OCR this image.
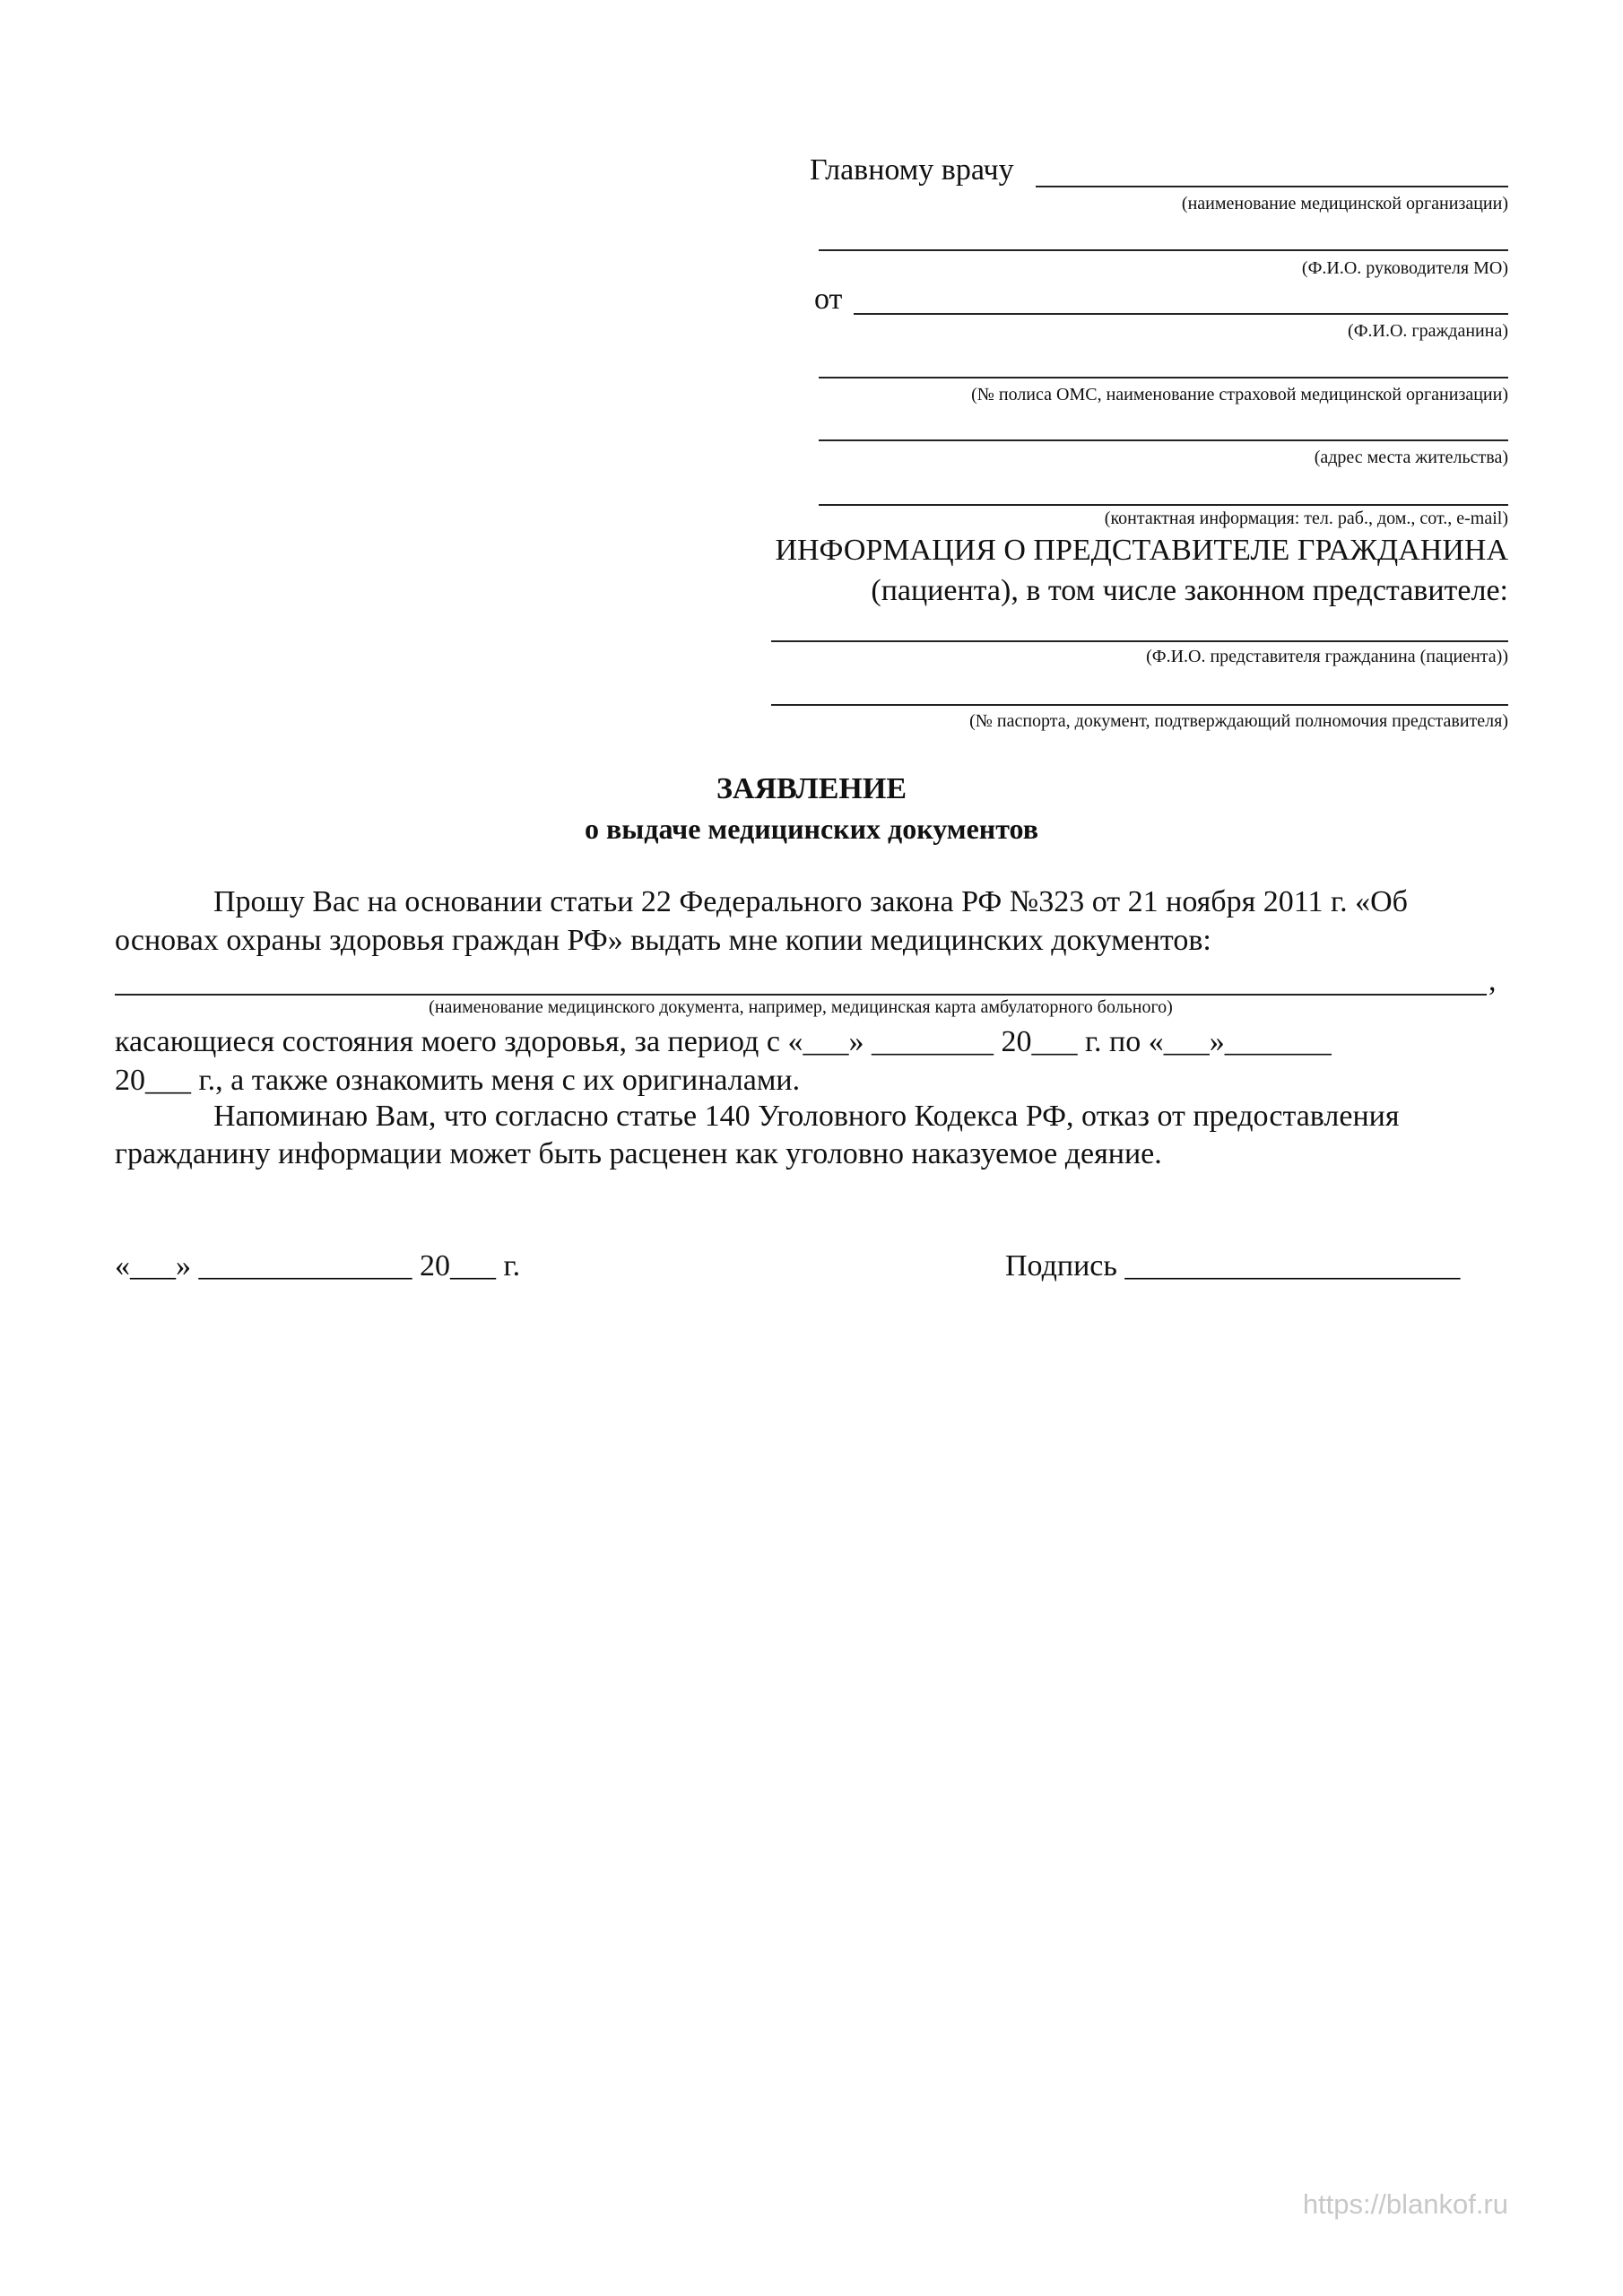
Главному врачу
(наименование медицинской организации)
(Ф.И.О. руководителя МО)
от
(Ф.И.О. гражданина)
(№ полиса ОМС, наименование страховой медицинской организации)
(адрес места жительства)
(контактная информация: тел. раб., дом., сот., e-mail)
ИНФОРМАЦИЯ О ПРЕДСТАВИТЕЛЕ ГРАЖДАНИНА
(пациента), в том числе законном представителе:
(Ф.И.О. представителя гражданина (пациента))
(№ паспорта, документ, подтверждающий полномочия представителя)
ЗАЯВЛЕНИЕ
о выдаче медицинских документов
Прошу Вас на основании статьи 22 Федерального закона РФ №323 от 21 ноября 2011 г. «Об
основах охраны здоровья граждан РФ» выдать мне копии медицинских документов:
,
(наименование медицинского документа, например, медицинская карта амбулаторного больного)
касающиеся состояния моего здоровья, за период с «___» ________ 20___ г. по «___»_______
20___ г., а также ознакомить меня с их оригиналами.
Напоминаю Вам, что согласно статье 140 Уголовного Кодекса РФ, отказ от предоставления
гражданину информации может быть расценен как уголовно наказуемое деяние.
«___» ______________ 20___ г.	Подпись ______________________
https://blankof.ru
